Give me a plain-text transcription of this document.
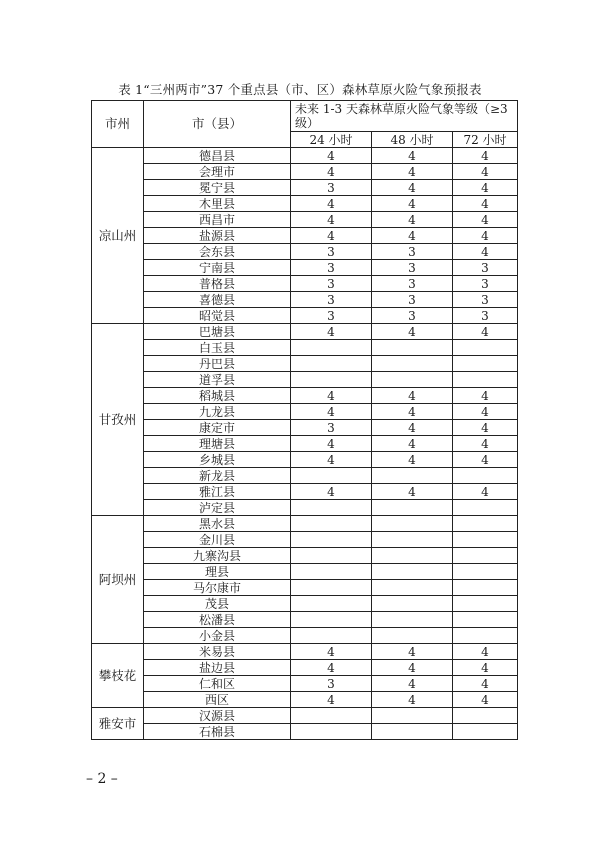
表 1“三州两市”37 个重点县（市、区）森林草原火险气象预报表
市州	市（县）	未来 1-3 天森林草原火险气象等级（≥3 级）		
		24 小时	48 小时	72 小时
凉山州	德昌县	4	4	4
	会理市	4	4	4
	冕宁县	3	4	4
	木里县	4	4	4
	西昌市	4	4	4
	盐源县	4	4	4
	会东县	3	3	4
	宁南县	3	3	3
	普格县	3	3	3
	喜德县	3	3	3
	昭觉县	3	3	3
甘孜州	巴塘县	4	4	4
	白玉县			
	丹巴县			
	道孚县			
	稻城县	4	4	4
	九龙县	4	4	4
	康定市	3	4	4
	理塘县	4	4	4
	乡城县	4	4	4
	新龙县			
	雅江县	4	4	4
	泸定县			
阿坝州	黑水县			
	金川县			
	九寨沟县			
	理县			
	马尔康市			
	茂县			
	松潘县			
	小金县			
攀枝花	米易县	4	4	4
	盐边县	4	4	4
	仁和区	3	4	4
	西区	4	4	4
雅安市	汉源县			
	石棉县			
– 2 –
